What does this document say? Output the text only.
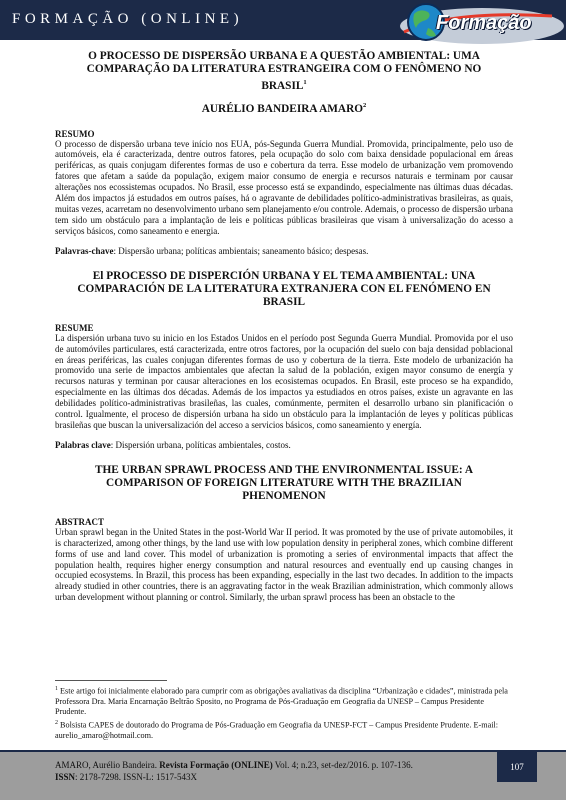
FORMAÇÃO (ONLINE)	Formação
O PROCESSO DE DISPERSÃO URBANA E A QUESTÃO AMBIENTAL: UMA
COMPARAÇÃO DA LITERATURA ESTRANGEIRA COM O FENÔMENO NO
BRASIL$^1$
AURÉLIO BANDEIRA AMARO$^2$
RESUMO

O processo de dispersão urbana teve início nos EUA, pós-Segunda Guerra Mundial. Promovida, principalmente, pelo uso de automóveis, ela é caracterizada, dentre outros fatores, pela ocupação do solo com baixa densidade populacional em áreas periféricas, as quais conjugam diferentes formas de uso e cobertura da terra. Esse modelo de urbanização vem promovendo fatores que afetam a saúde da população, exigem maior consumo de energia e recursos naturais e terminam por causar alterações nos ecossistemas ocupados. No Brasil, esse processo está se expandindo, especialmente nas últimas duas décadas. Além dos impactos já estudados em outros países, há o agravante de debilidades político-administrativas brasileiras, as quais, muitas vezes, acarretam no desenvolvimento urbano sem planejamento e/ou controle. Ademais, o processo de dispersão urbana tem sido um obstáculo para a implantação de leis e políticas públicas brasileiras que visam à universalização do acesso a serviços básicos, como saneamento e energia.

Palavras-chave: Dispersão urbana; políticas ambientais; saneamento básico; despesas.
El PROCESSO DE DISPERCIÓN URBANA Y EL TEMA AMBIENTAL: UNA
COMPARACIÓN DE LA LITERATURA EXTRANJERA CON EL FENÓMENO EN
BRASIL
RESUME

La dispersión urbana tuvo su inicio en los Estados Unidos en el período post Segunda Guerra Mundial. Promovida por el uso de automóviles particulares, está caracterizada, entre otros factores, por la ocupación del suelo con baja densidad poblacional en áreas periféricas, las cuales conjugan diferentes formas de uso y cobertura de la tierra. Este modelo de urbanización ha promovido una serie de impactos ambientales que afectan la salud de la población, exigen mayor consumo de energía y recursos naturas y terminan por causar alteraciones en los ecosistemas ocupados. En Brasil, este proceso se ha expandido, especialmente en las últimas dos décadas. Además de los impactos ya estudiados en otros países, existe un agravante en las debilidades político-administrativas brasileñas, las cuales, comúnmente, permiten el desarrollo urbano sin planificación o control. Igualmente, el proceso de dispersión urbana ha sido un obstáculo para la implantación de leyes y políticas públicas brasileñas que buscan la universalización del acceso a servicios básicos, como saneamiento y energía.

Palabras clave: Dispersión urbana, políticas ambientales, costos.
THE URBAN SPRAWL PROCESS AND THE ENVIRONMENTAL ISSUE: A
COMPARISON OF FOREIGN LITERATURE WITH THE BRAZILIAN
PHENOMENON
ABSTRACT

Urban sprawl began in the United States in the post-World War II period. It was promoted by the use of private automobiles, it is characterized, among other things, by the land use with low population density in peripheral zones, which combine different forms of use and land cover. This model of urbanization is promoting a series of environmental impacts that affect the population health, requires higher energy consumption and natural resources and eventually end up causing changes in occupied ecosystems. In Brazil, this process has been expanding, especially in the last two decades. In addition to the impacts already studied in other countries, there is an aggravating factor in the weak Brazilian administration, which commonly allows urban development without planning or control. Similarly, the urban sprawl process has been an obstacle to the

$^1$ Este artigo foi inicialmente elaborado para cumprir com as obrigações avaliativas da disciplina “Urbanização e cidades”, ministrada pela Professora Dra. Maria Encarnação Beltrão Sposito, no Programa de Pós-Graduação em Geografia da UNESP – Campus Presidente Prudente.

$^2$ Bolsista CAPES de doutorado do Programa de Pós-Graduação em Geografia da UNESP-FCT – Campus Presidente Prudente. E-mail: aurelio_amaro@hotmail.com.

AMARO, Aurélio Bandeira. Revista Formação (ONLINE) Vol. 4; n.23, set-dez/2016. p. 107-136.
ISSN: 2178-7298. ISSN-L: 1517-543X
107
